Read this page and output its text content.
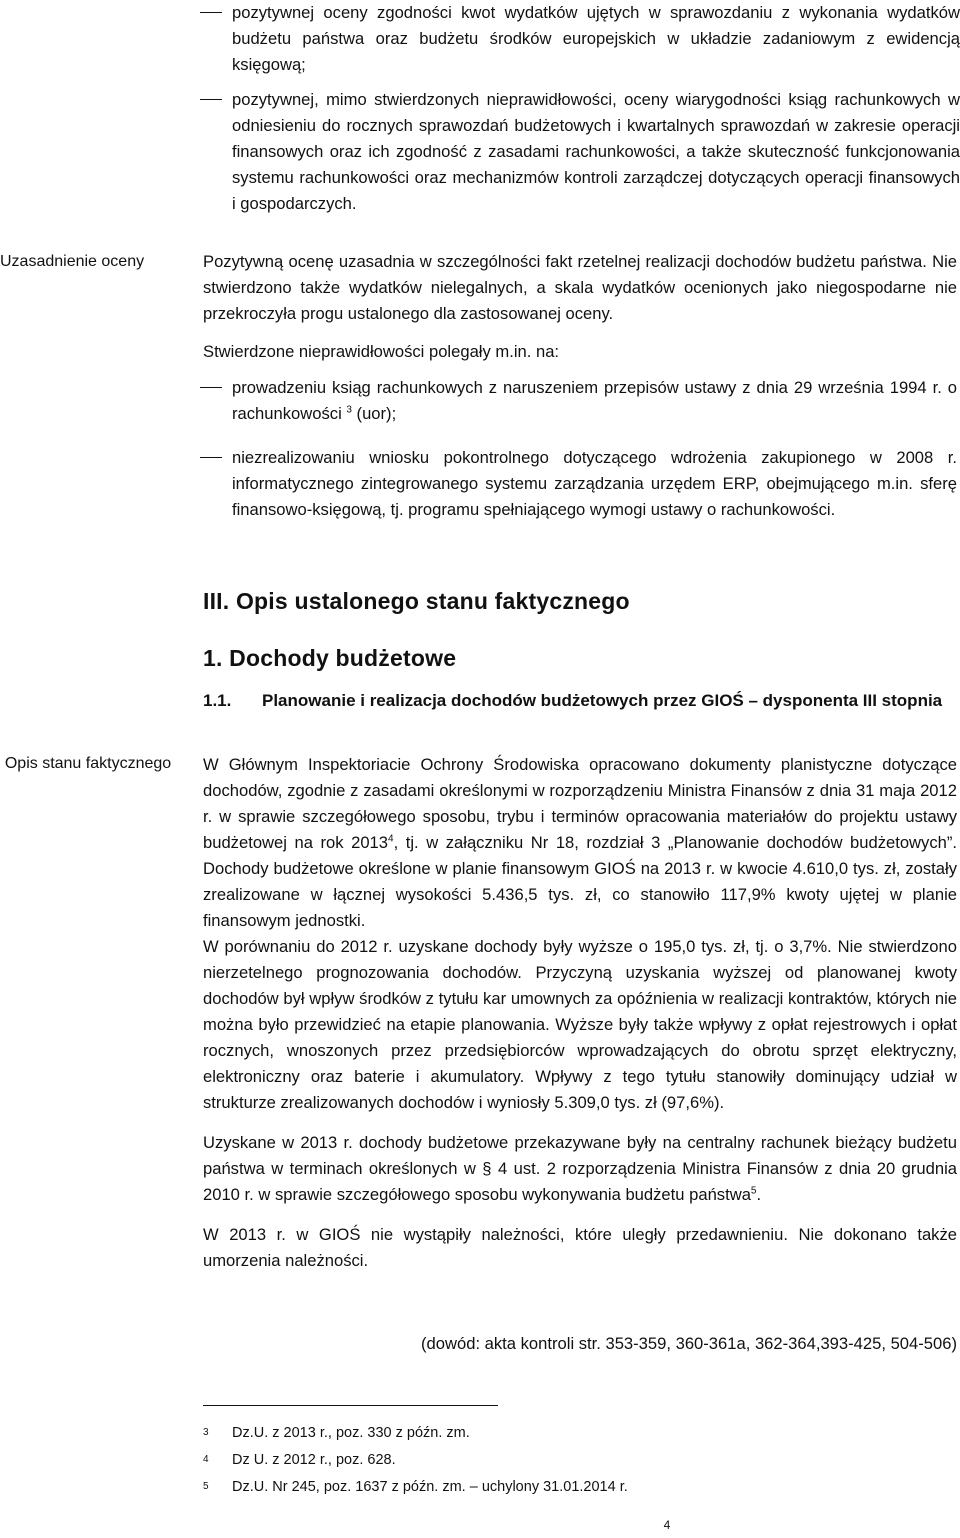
pozytywnej oceny zgodności kwot wydatków ujętych w sprawozdaniu z wykonania wydatków budżetu państwa oraz budżetu środków europejskich w układzie zadaniowym z ewidencją księgową;
pozytywnej, mimo stwierdzonych nieprawidłowości, oceny wiarygodności ksiąg rachunkowych w odniesieniu do rocznych sprawozdań budżetowych i kwartalnych sprawozdań w zakresie operacji finansowych oraz ich zgodność z zasadami rachunkowości, a także skuteczność funkcjonowania systemu rachunkowości oraz mechanizmów kontroli zarządczej dotyczących operacji finansowych i gospodarczych.
Uzasadnienie oceny	Pozytywną ocenę uzasadnia w szczególności fakt rzetelnej realizacji dochodów budżetu państwa. Nie stwierdzono także wydatków nielegalnych, a skala wydatków ocenionych jako niegospodarne nie przekroczyła progu ustalonego dla zastosowanej oceny.

Stwierdzone nieprawidłowości polegały m.in. na:

prowadzeniu ksiąg rachunkowych z naruszeniem przepisów ustawy z dnia 29 września 1994 r. o rachunkowości $^3$ (uor);
niezrealizowaniu wniosku pokontrolnego dotyczącego wdrożenia zakupionego w 2008 r. informatycznego zintegrowanego systemu zarządzania urzędem ERP, obejmującego m.in. sferę finansowo-księgową, tj. programu spełniającego wymogi ustawy o rachunkowości.
III. Opis ustalonego stanu faktycznego
1. Dochody budżetowe
1.1. Planowanie i realizacja dochodów budżetowych przez GIOŚ – dysponenta III stopnia
Opis stanu faktycznego W Głównym Inspektoriacie Ochrony Środowiska opracowano dokumenty planistyczne dotyczące dochodów, zgodnie z zasadami określonymi w rozporządzeniu Ministra Finansów z dnia 31 maja 2012 r. w sprawie szczegółowego sposobu, trybu i terminów opracowania materiałów do projektu ustawy budżetowej na rok 2013$^4$, tj. w załączniku Nr 18, rozdział 3 „Planowanie dochodów budżetowych”. Dochody budżetowe określone w planie finansowym GIOŚ na 2013 r. w kwocie 4.610,0 tys. zł, zostały zrealizowane w łącznej wysokości 5.436,5 tys. zł, co stanowiło 117,9% kwoty ujętej w planie finansowym jednostki.

W porównaniu do 2012 r. uzyskane dochody były wyższe o 195,0 tys. zł, tj. o 3,7%. Nie stwierdzono nierzetelnego prognozowania dochodów. Przyczyną uzyskania wyższej od planowanej kwoty dochodów był wpływ środków z tytułu kar umownych za opóźnienia w realizacji kontraktów, których nie można było przewidzieć na etapie planowania. Wyższe były także wpływy z opłat rejestrowych i opłat rocznych, wnoszonych przez przedsiębiorców wprowadzających do obrotu sprzęt elektryczny, elektroniczny oraz baterie i akumulatory. Wpływy z tego tytułu stanowiły dominujący udział w strukturze zrealizowanych dochodów i wyniosły 5.309,0 tys. zł (97,6%).

Uzyskane w 2013 r. dochody budżetowe przekazywane były na centralny rachunek bieżący budżetu państwa w terminach określonych w § 4 ust. 2 rozporządzenia Ministra Finansów z dnia 20 grudnia 2010 r. w sprawie szczegółowego sposobu wykonywania budżetu państwa$^5$.

W 2013 r. w GIOŚ nie wystąpiły należności, które uległy przedawnieniu. Nie dokonano także umorzenia należności.

(dowód: akta kontroli str. 353-359, 360-361a, 362-364,393-425, 504-506)
3 Dz.U. z 2013 r., poz. 330 z późn. zm.
4 Dz U. z 2012 r., poz. 628.
5 Dz.U. Nr 245, poz. 1637 z późn. zm. – uchylony 31.01.2014 r.
4
